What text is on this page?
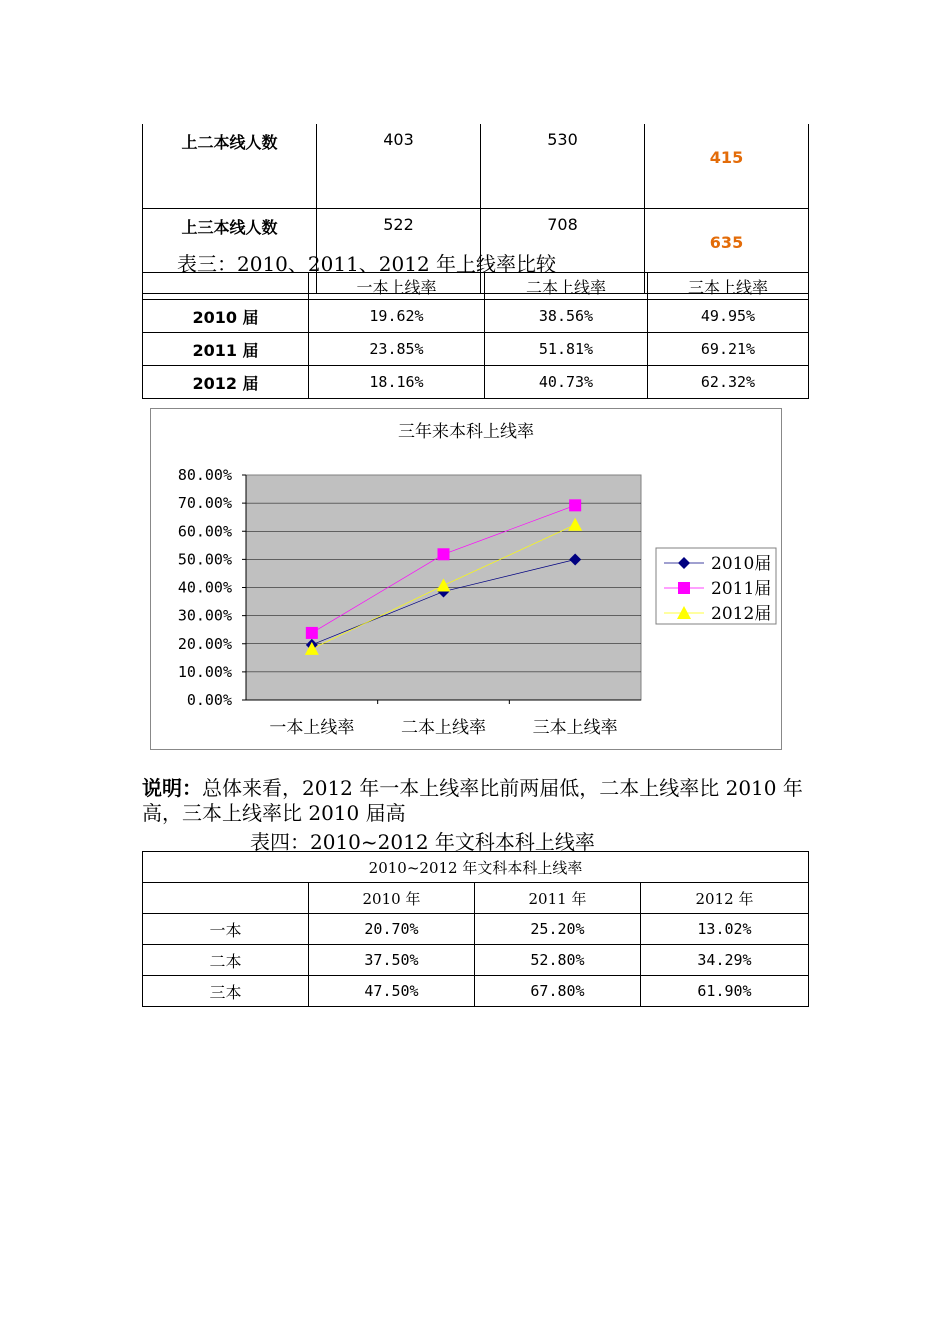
上二本线人数	403	530	415
上三本线人数	522	708	635
表三：2010、2011、2012 年上线率比较
	一本上线率	二本上线率	三本上线率
2010 届	19.62%	38.56%	49.95%
2011 届	23.85%	51.81%	69.21%
2012 届	18.16%	40.73%	62.32%
三年来本科上线率
0.00%
10.00%
20.00%
30.00%
40.00%
50.00%
60.00%
70.00%
80.00%
一本上线率	二本上线率	三本上线率
2010届
2011届
2012届
说明：总体来看，2012 年一本上线率比前两届低，二本上线率比 2010 年高，三本上线率比 2010 届高
表四：2010~2012 年文科本科上线率
2010~2012 年文科本科上线率			
	2010 年	2011 年	2012 年
一本	20.70%	25.20%	13.02%
二本	37.50%	52.80%	34.29%
三本	47.50%	67.80%	61.90%
